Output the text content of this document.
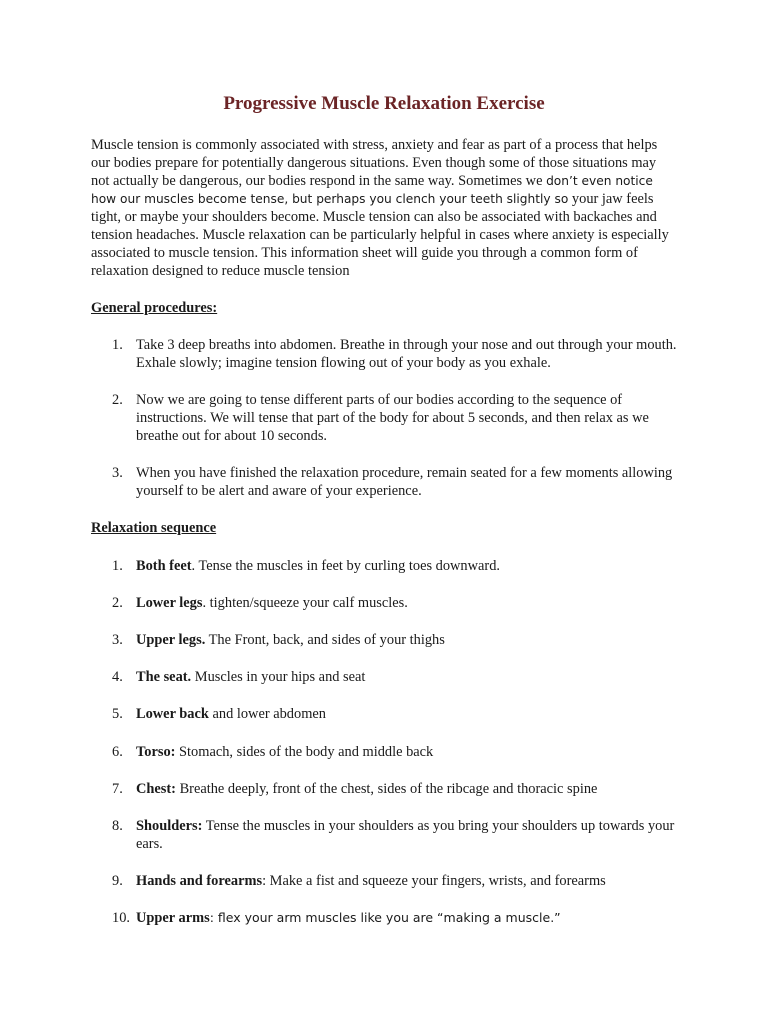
Progressive Muscle Relaxation Exercise

Muscle tension is commonly associated with stress, anxiety and fear as part of a process that helps our bodies prepare for potentially dangerous situations. Even though some of those situations may not actually be dangerous, our bodies respond in the same way. Sometimes we don’t even notice how our muscles become tense, but perhaps you clench your teeth slightly so your jaw feels tight, or maybe your shoulders become. Muscle tension can also be associated with backaches and tension headaches. Muscle relaxation can be particularly helpful in cases where anxiety is especially associated to muscle tension. This information sheet will guide you through a common form of relaxation designed to reduce muscle tension

General procedures:

1. Take 3 deep breaths into abdomen. Breathe in through your nose and out through your mouth. Exhale slowly; imagine tension flowing out of your body as you exhale.

2. Now we are going to tense different parts of our bodies according to the sequence of instructions. We will tense that part of the body for about 5 seconds, and then relax as we breathe out for about 10 seconds.

3. When you have finished the relaxation procedure, remain seated for a few moments allowing yourself to be alert and aware of your experience.

Relaxation sequence

1. Both feet. Tense the muscles in feet by curling toes downward.

2. Lower legs. tighten/squeeze your calf muscles.

3. Upper legs. The Front, back, and sides of your thighs

4. The seat. Muscles in your hips and seat

5. Lower back and lower abdomen

6. Torso: Stomach, sides of the body and middle back

7. Chest: Breathe deeply, front of the chest, sides of the ribcage and thoracic spine

8. Shoulders: Tense the muscles in your shoulders as you bring your shoulders up towards your ears.

9. Hands and forearms: Make a fist and squeeze your fingers, wrists, and forearms

10. Upper arms: flex your arm muscles like you are “making a muscle.”
